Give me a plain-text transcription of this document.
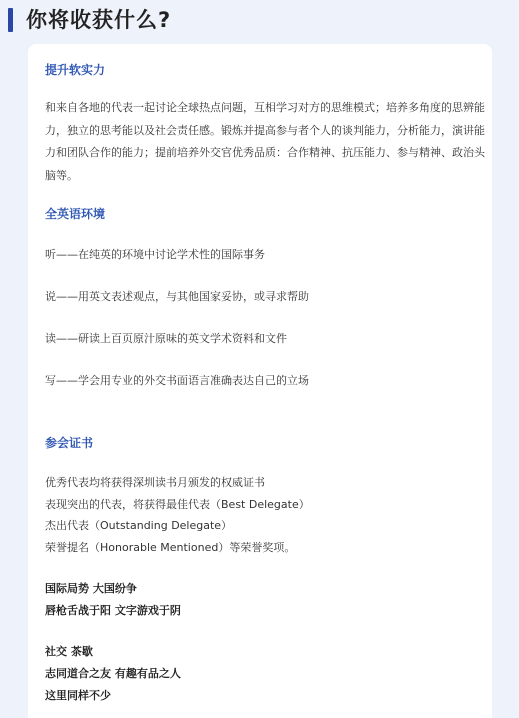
你将收获什么?
提升软实力
和来自各地的代表一起讨论全球热点问题，互相学习对方的思维模式；培养多角度的思辨能力，独立的思考能以及社会责任感。锻炼并提高参与者个人的谈判能力，分析能力，演讲能力和团队合作的能力；提前培养外交官优秀品质：合作精神、抗压能力、参与精神、政治头脑等。
全英语环境
听——在纯英的环境中讨论学术性的国际事务
说——用英文表述观点，与其他国家妥协，或寻求帮助
读——研读上百页原汁原味的英文学术资料和文件
写——学会用专业的外交书面语言准确表达自己的立场
参会证书
优秀代表均将获得深圳读书月颁发的权威证书
表现突出的代表，将获得最佳代表（Best Delegate）
杰出代表（Outstanding Delegate）
荣誉提名（Honorable Mentioned）等荣誉奖项。
国际局势 大国纷争
唇枪舌战于阳 文字游戏于阴
社交 茶歇
志同道合之友 有趣有品之人
这里同样不少
